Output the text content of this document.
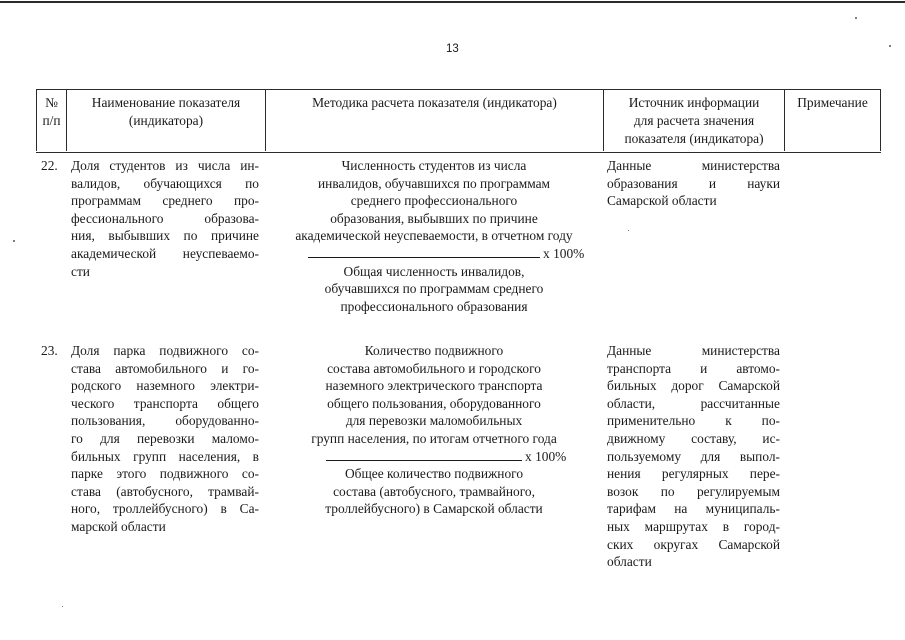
13
№
п/п
Наименование показателя
(индикатора)
Методика расчета показателя (индикатора)	Источник информации
для расчета значения
показателя (индикатора)
Примечание
22. Доля студентов из числа ин-
валидов, обучающихся по
программам среднего про-
фессионального образова-
ния, выбывших по причине
академической неуспеваемо-
сти
Численность студентов из числа
инвалидов, обучавшихся по программам
среднего профессионального
образования, выбывших по причине
академической неуспеваемости, в отчетном году
х 100%
Общая численность инвалидов,
обучавшихся по программам среднего
профессионального образования
Данные министерства
образования и науки
Самарской области
23. Доля парка подвижного со-
става автомобильного и го-
родского наземного электри-
ческого транспорта общего
пользования, оборудованно-
го для перевозки маломо-
бильных групп населения, в
парке этого подвижного со-
става (автобусного, трамвай-
ного, троллейбусного) в Са-
марской области
Количество подвижного
состава автомобильного и городского
наземного электрического транспорта
общего пользования, оборудованного
для перевозки маломобильных
групп населения, по итогам отчетного года
х 100%
Общее количество подвижного
состава (автобусного, трамвайного,
троллейбусного) в Самарской области
Данные министерства
транспорта и автомо-
бильных дорог Самарской
области, рассчитанные
применительно к по-
движному составу, ис-
пользуемому для выпол-
нения регулярных пере-
возок по регулируемым
тарифам на муниципаль-
ных маршрутах в город-
ских округах Самарской
области
